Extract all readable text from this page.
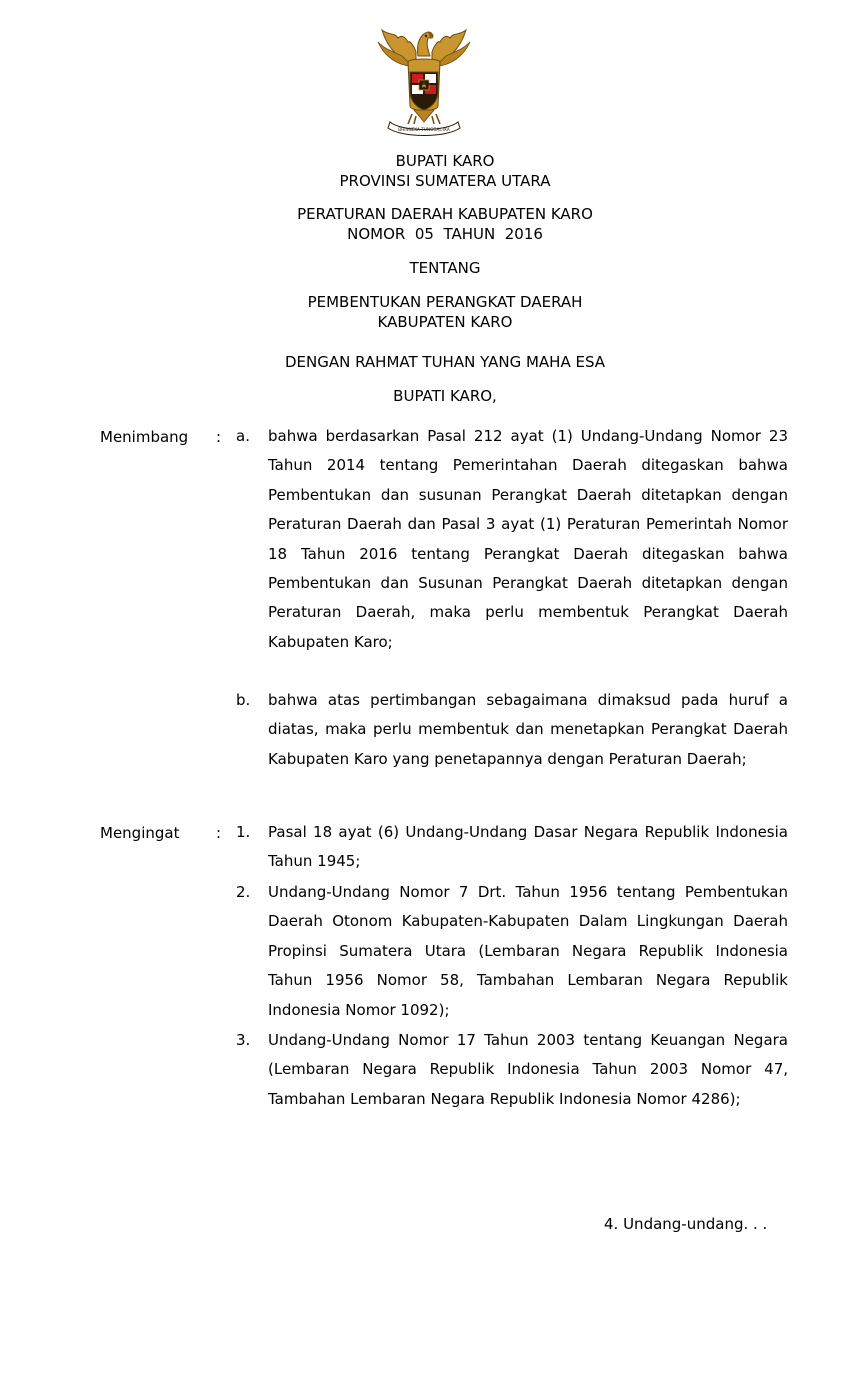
BHINNEKA TUNGGAL IKA
BUPATI KARO
PROVINSI SUMATERA UTARA
PERATURAN DAERAH KABUPATEN KARO
NOMOR  05  TAHUN  2016
TENTANG
PEMBENTUKAN PERANGKAT DAERAH
KABUPATEN KARO
DENGAN RAHMAT TUHAN YANG MAHA ESA
BUPATI KARO,
Menimbang : a. bahwa berdasarkan Pasal 212 ayat (1) Undang-Undang Nomor 23 Tahun 2014 tentang Pemerintahan Daerah ditegaskan bahwa Pembentukan dan susunan Perangkat Daerah ditetapkan dengan Peraturan Daerah dan Pasal 3 ayat (1) Peraturan Pemerintah Nomor 18 Tahun 2016 tentang Perangkat Daerah ditegaskan bahwa Pembentukan dan Susunan Perangkat Daerah ditetapkan dengan Peraturan Daerah, maka perlu membentuk Perangkat Daerah Kabupaten Karo;
b. bahwa atas pertimbangan sebagaimana dimaksud pada huruf a diatas, maka perlu membentuk dan menetapkan Perangkat Daerah Kabupaten Karo yang penetapannya dengan Peraturan Daerah;
Mengingat : 1. Pasal 18 ayat (6) Undang-Undang Dasar Negara Republik Indonesia Tahun 1945;
2. Undang-Undang Nomor 7 Drt. Tahun 1956 tentang Pembentukan Daerah Otonom Kabupaten-Kabupaten Dalam Lingkungan Daerah Propinsi Sumatera Utara (Lembaran Negara Republik Indonesia Tahun 1956 Nomor 58, Tambahan Lembaran Negara Republik Indonesia Nomor 1092);
3. Undang-Undang Nomor 17 Tahun 2003 tentang Keuangan Negara (Lembaran Negara Republik Indonesia Tahun 2003 Nomor 47, Tambahan Lembaran Negara Republik Indonesia Nomor 4286);
4. Undang-undang. . .
